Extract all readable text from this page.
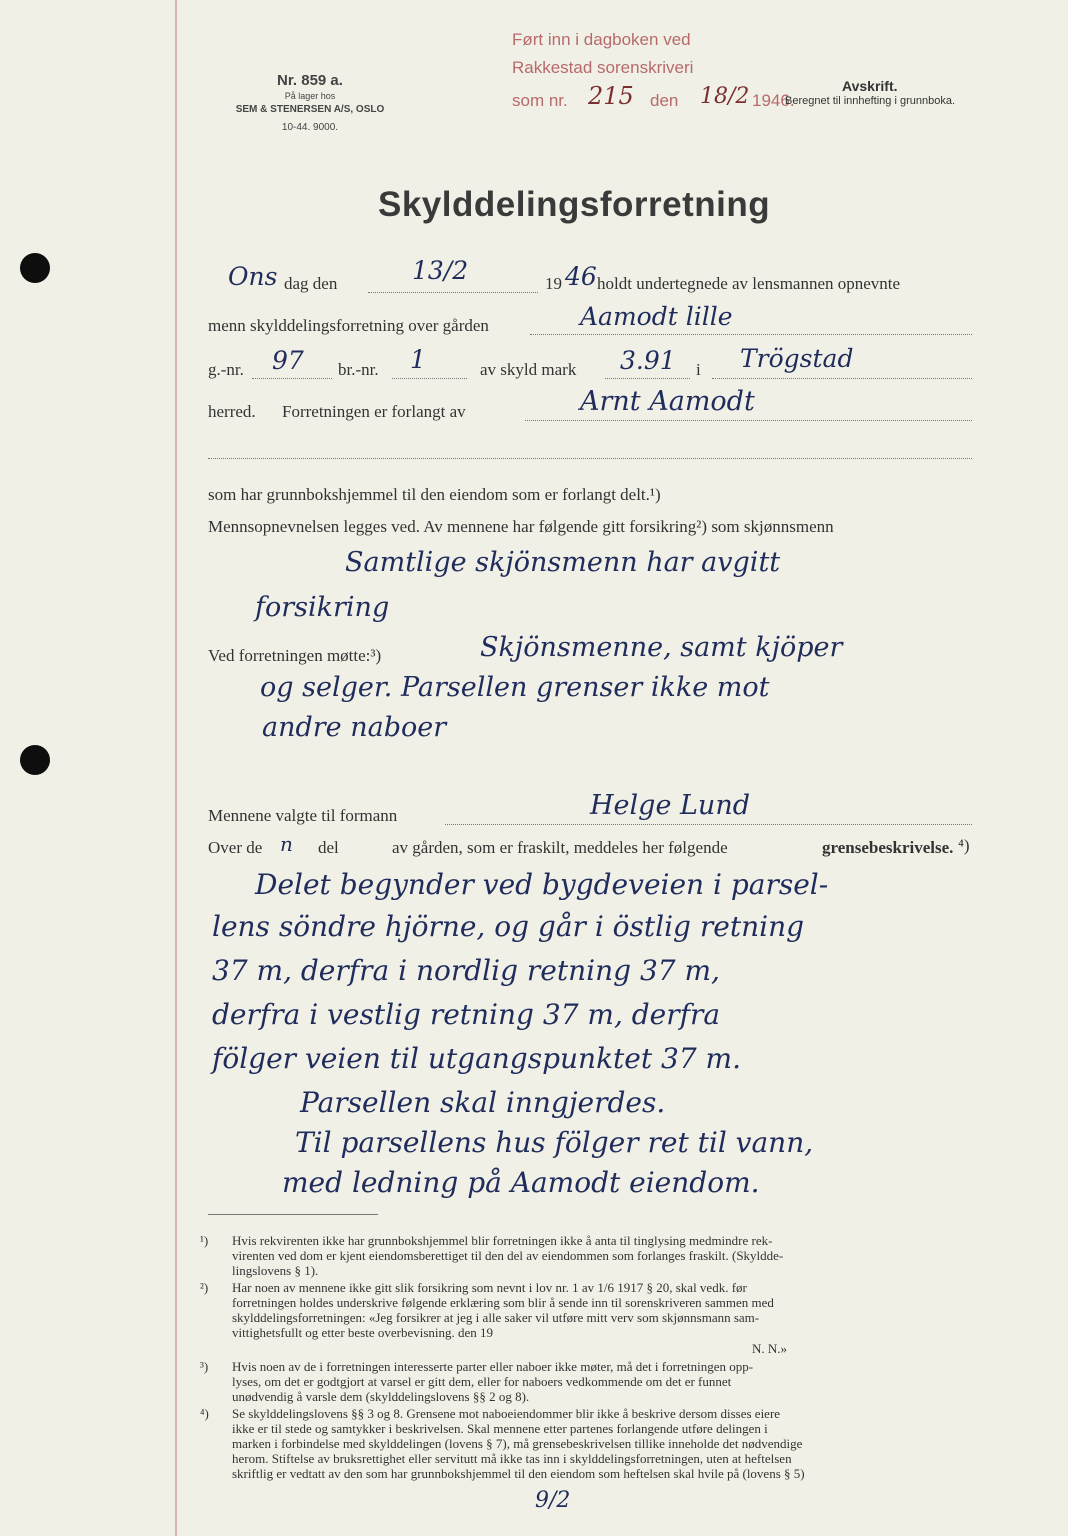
Nr. 859 a.
På lager hos
SEM & STENERSEN A/S, OSLO
10-44. 9000.
Ført inn i dagboken ved
Rakkestad sorenskriveri
som nr. 215 den 18/2 1946.
Avskrift.
Beregnet til innhefting i grunnboka.
Skylddelingsforretning
Ons dag den	13/2	19 46 holdt undertegnede av lensmannen opnevnte
menn skylddelingsforretning over gården	Aamodt lille
g.-nr. 97 br.-nr. 1	av skyld mark 3.91 i Trögstad
herred. Forretningen er forlangt av	Arnt Aamodt
som har grunnbokshjemmel til den eiendom som er forlangt delt.¹)
Mennsopnevnelsen legges ved. Av mennene har følgende gitt forsikring²) som skjønnsmenn
Samtlige skjönsmenn har avgitt
forsikring
Ved forretningen møtte:³)	Skjönsmenne, samt kjöper
og selger. Parsellen grenser ikke mot
andre naboer
Mennene valgte til formann	Helge Lund
Over de n del	av gården, som er fraskilt, meddeles her følgende	grensebeskrivelse. ⁴)
Delet begynder ved bygdeveien i parsel-
lens söndre hjörne, og går i östlig retning
37 m, derfra i nordlig retning 37 m,
derfra i vestlig retning 37 m, derfra
fölger veien til utgangspunktet 37 m.
Parsellen skal inngjerdes.
Til parsellens hus fölger ret til vann,
med ledning på Aamodt eiendom.
¹) Hvis rekvirenten ikke har grunnbokshjemmel blir forretningen ikke å anta til tinglysing medmindre rek-
virenten ved dom er kjent eiendomsberettiget til den del av eiendommen som forlanges fraskilt. (Skyldde-
lingslovens § 1).
²) Har noen av mennene ikke gitt slik forsikring som nevnt i lov nr. 1 av 1/6 1917 § 20, skal vedk. før
forretningen holdes underskrive følgende erklæring som blir å sende inn til sorenskriveren sammen med
skylddelingsforretningen: «Jeg forsikrer at jeg i alle saker vil utføre mitt verv som skjønnsmann sam-
vittighetsfullt og etter beste overbevisning. den 19
N. N.»
³) Hvis noen av de i forretningen interesserte parter eller naboer ikke møter, må det i forretningen opp-
lyses, om det er godtgjort at varsel er gitt dem, eller for naboers vedkommende om det er funnet
unødvendig å varsle dem (skylddelingslovens §§ 2 og 8).
⁴) Se skylddelingslovens §§ 3 og 8. Grensene mot naboeiendommer blir ikke å beskrive dersom disses eiere
ikke er til stede og samtykker i beskrivelsen. Skal mennene etter partenes forlangende utføre delingen i
marken i forbindelse med skylddelingen (lovens § 7), må grensebeskrivelsen tillike inneholde det nødvendige
herom. Stiftelse av bruksrettighet eller servitutt må ikke tas inn i skylddelingsforretningen, uten at heftelsen
skriftlig er vedtatt av den som har grunnbokshjemmel til den eiendom som heftelsen skal hvile på (lovens § 5)
9/2
